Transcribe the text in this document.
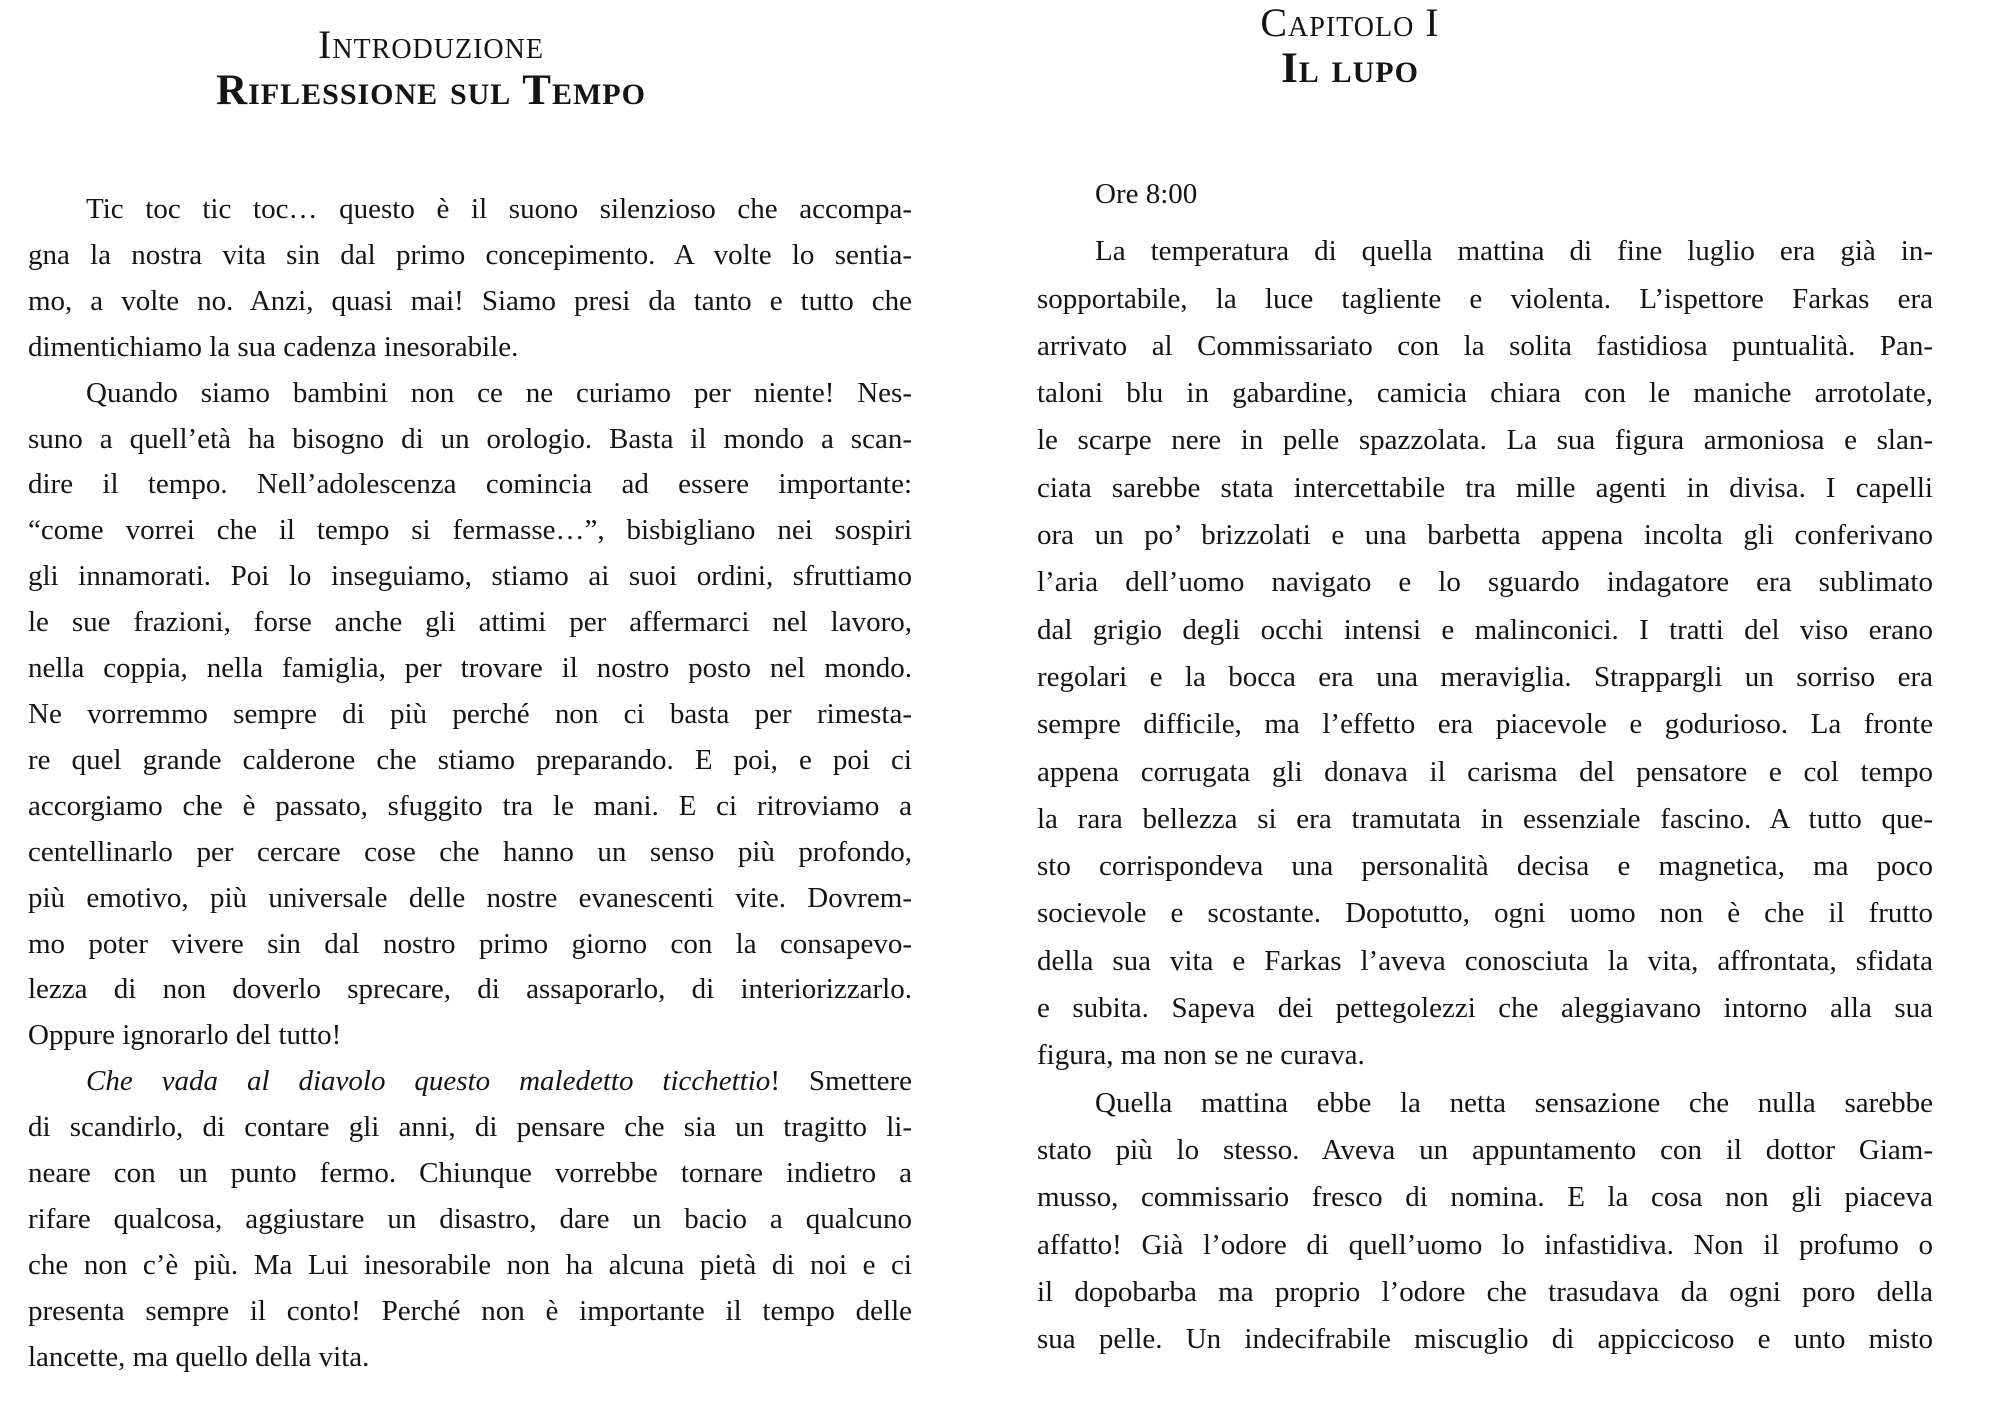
Introduzione
Riflessione sul Tempo
Tic toc tic toc… questo è il suono silenzioso che accompa-
gna la nostra vita sin dal primo concepimento. A volte lo sentia-
mo, a volte no. Anzi, quasi mai! Siamo presi da tanto e tutto che
dimentichiamo la sua cadenza inesorabile.
Quando siamo bambini non ce ne curiamo per niente! Nes-
suno a quell’età ha bisogno di un orologio. Basta il mondo a scan-
dire il tempo. Nell’adolescenza comincia ad essere importante:
“come vorrei che il tempo si fermasse…”, bisbigliano nei sospiri
gli innamorati. Poi lo inseguiamo, stiamo ai suoi ordini, sfruttiamo
le sue frazioni, forse anche gli attimi per affermarci nel lavoro,
nella coppia, nella famiglia, per trovare il nostro posto nel mondo.
Ne vorremmo sempre di più perché non ci basta per rimesta-
re quel grande calderone che stiamo preparando. E poi, e poi ci
accorgiamo che è passato, sfuggito tra le mani. E ci ritroviamo a
centellinarlo per cercare cose che hanno un senso più profondo,
più emotivo, più universale delle nostre evanescenti vite. Dovrem-
mo poter vivere sin dal nostro primo giorno con la consapevo-
lezza di non doverlo sprecare, di assaporarlo, di interiorizzarlo.
Oppure ignorarlo del tutto!
Che vada al diavolo questo maledetto ticchettio! Smettere
di scandirlo, di contare gli anni, di pensare che sia un tragitto li-
neare con un punto fermo. Chiunque vorrebbe tornare indietro a
rifare qualcosa, aggiustare un disastro, dare un bacio a qualcuno
che non c’è più. Ma Lui inesorabile non ha alcuna pietà di noi e ci
presenta sempre il conto! Perché non è importante il tempo delle
lancette, ma quello della vita.
Capitolo I
Il lupo
Ore 8:00
La temperatura di quella mattina di fine luglio era già in-
sopportabile, la luce tagliente e violenta. L’ispettore Farkas era
arrivato al Commissariato con la solita fastidiosa puntualità. Pan-
taloni blu in gabardine, camicia chiara con le maniche arrotolate,
le scarpe nere in pelle spazzolata. La sua figura armoniosa e slan-
ciata sarebbe stata intercettabile tra mille agenti in divisa. I capelli
ora un po’ brizzolati e una barbetta appena incolta gli conferivano
l’aria dell’uomo navigato e lo sguardo indagatore era sublimato
dal grigio degli occhi intensi e malinconici. I tratti del viso erano
regolari e la bocca era una meraviglia. Strappargli un sorriso era
sempre difficile, ma l’effetto era piacevole e godurioso. La fronte
appena corrugata gli donava il carisma del pensatore e col tempo
la rara bellezza si era tramutata in essenziale fascino. A tutto que-
sto corrispondeva una personalità decisa e magnetica, ma poco
socievole e scostante. Dopotutto, ogni uomo non è che il frutto
della sua vita e Farkas l’aveva conosciuta la vita, affrontata, sfidata
e subita. Sapeva dei pettegolezzi che aleggiavano intorno alla sua
figura, ma non se ne curava.
Quella mattina ebbe la netta sensazione che nulla sarebbe
stato più lo stesso. Aveva un appuntamento con il dottor Giam-
musso, commissario fresco di nomina. E la cosa non gli piaceva
affatto! Già l’odore di quell’uomo lo infastidiva. Non il profumo o
il dopobarba ma proprio l’odore che trasudava da ogni poro della
sua pelle. Un indecifrabile miscuglio di appiccicoso e unto misto
